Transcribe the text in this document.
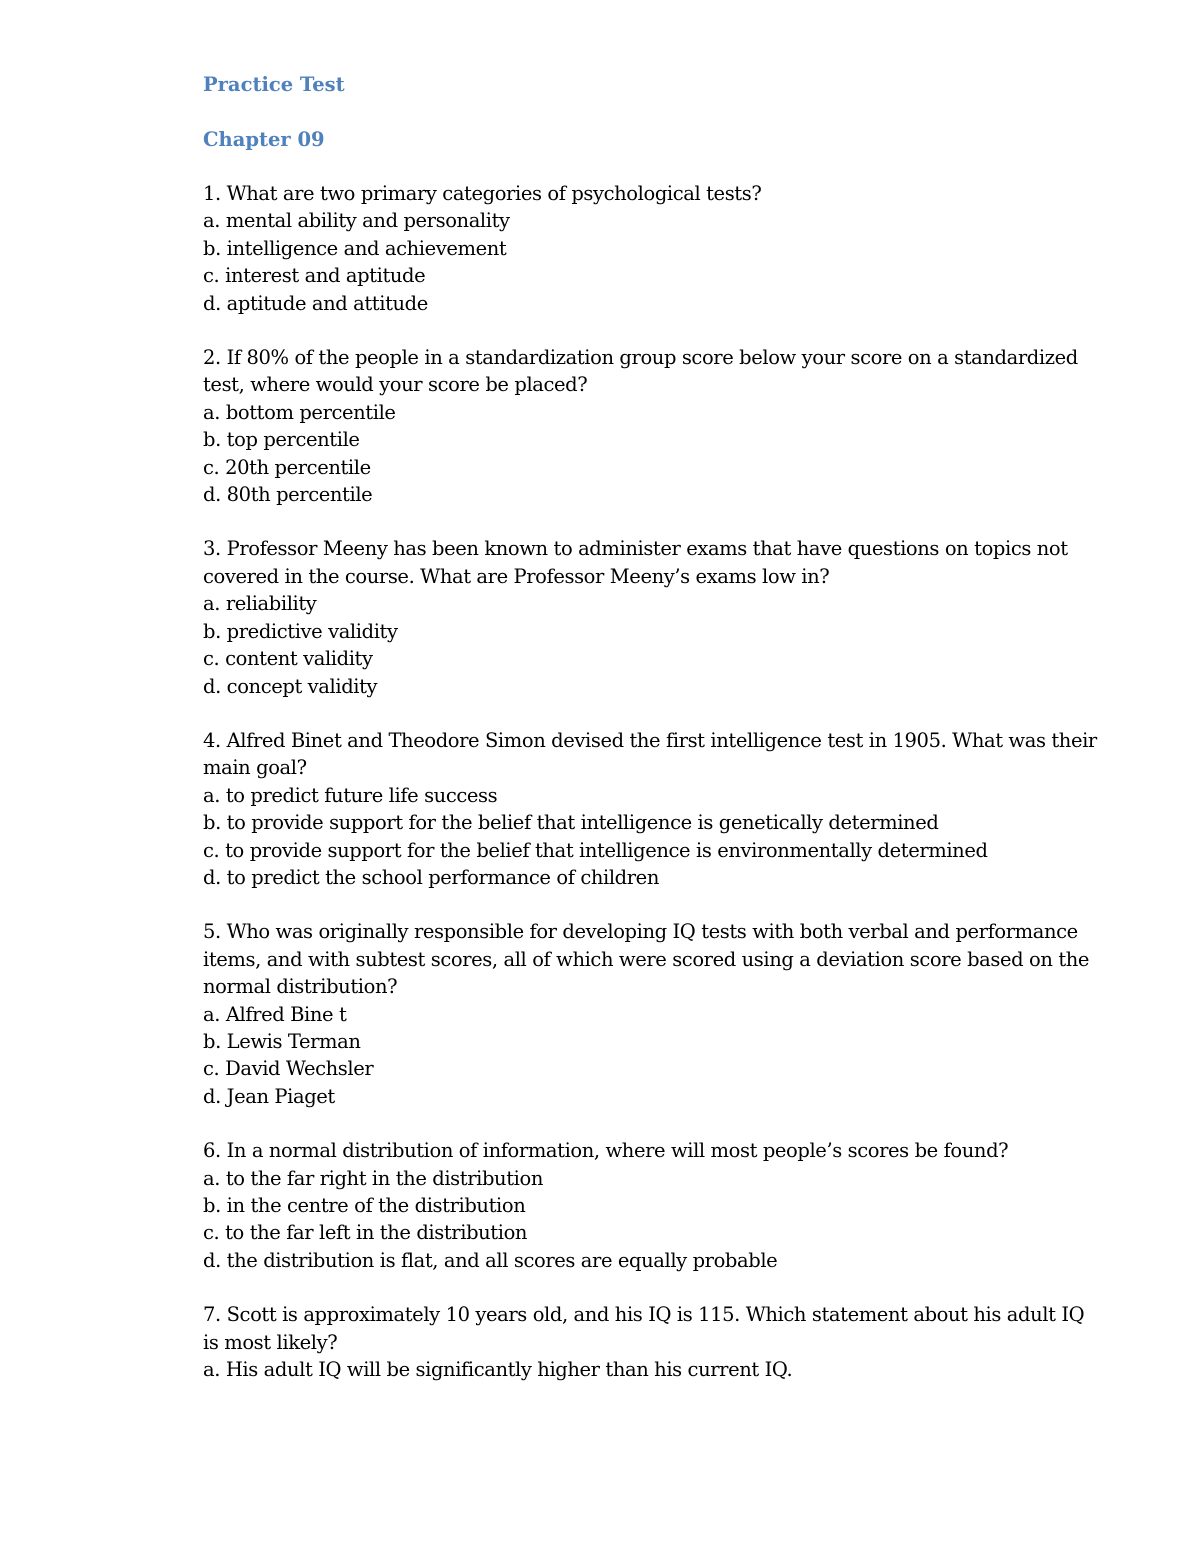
Practice Test

Chapter 09

1. What are two primary categories of psychological tests?

a. mental ability and personality

b. intelligence and achievement

c. interest and aptitude

d. aptitude and attitude

2. If 80% of the people in a standardization group score below your score on a standardized test, where would your score be placed?

a. bottom percentile

b. top percentile

c. 20th percentile

d. 80th percentile

3. Professor Meeny has been known to administer exams that have questions on topics not covered in the course. What are Professor Meeny’s exams low in?

a. reliability

b. predictive validity

c. content validity

d. concept validity

4. Alfred Binet and Theodore Simon devised the first intelligence test in 1905. What was their main goal?

a. to predict future life success

b. to provide support for the belief that intelligence is genetically determined

c. to provide support for the belief that intelligence is environmentally determined

d. to predict the school performance of children

5. Who was originally responsible for developing IQ tests with both verbal and performance items, and with subtest scores, all of which were scored using a deviation score based on the normal distribution?

a. Alfred Bine t

b. Lewis Terman

c. David Wechsler

d. Jean Piaget

6. In a normal distribution of information, where will most people’s scores be found?

a. to the far right in the distribution

b. in the centre of the distribution

c. to the far left in the distribution

d. the distribution is flat, and all scores are equally probable

7. Scott is approximately 10 years old, and his IQ is 115. Which statement about his adult IQ is most likely?

a. His adult IQ will be significantly higher than his current IQ.
